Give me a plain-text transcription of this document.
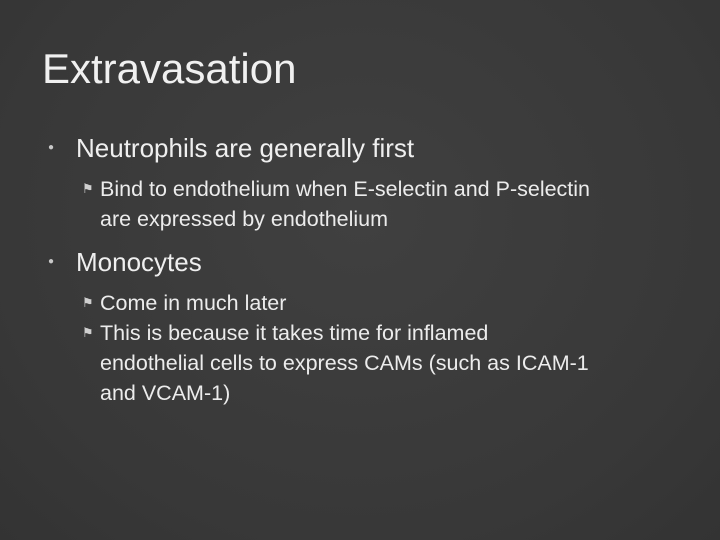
Extravasation
● Neutrophils are generally first
⚑ Bind to endothelium when E-selectin and P-selectin are expressed by endothelium
● Monocytes
⚑ Come in much later
⚑ This is because it takes time for inflamed endothelial cells to express CAMs (such as ICAM-1 and VCAM-1)
